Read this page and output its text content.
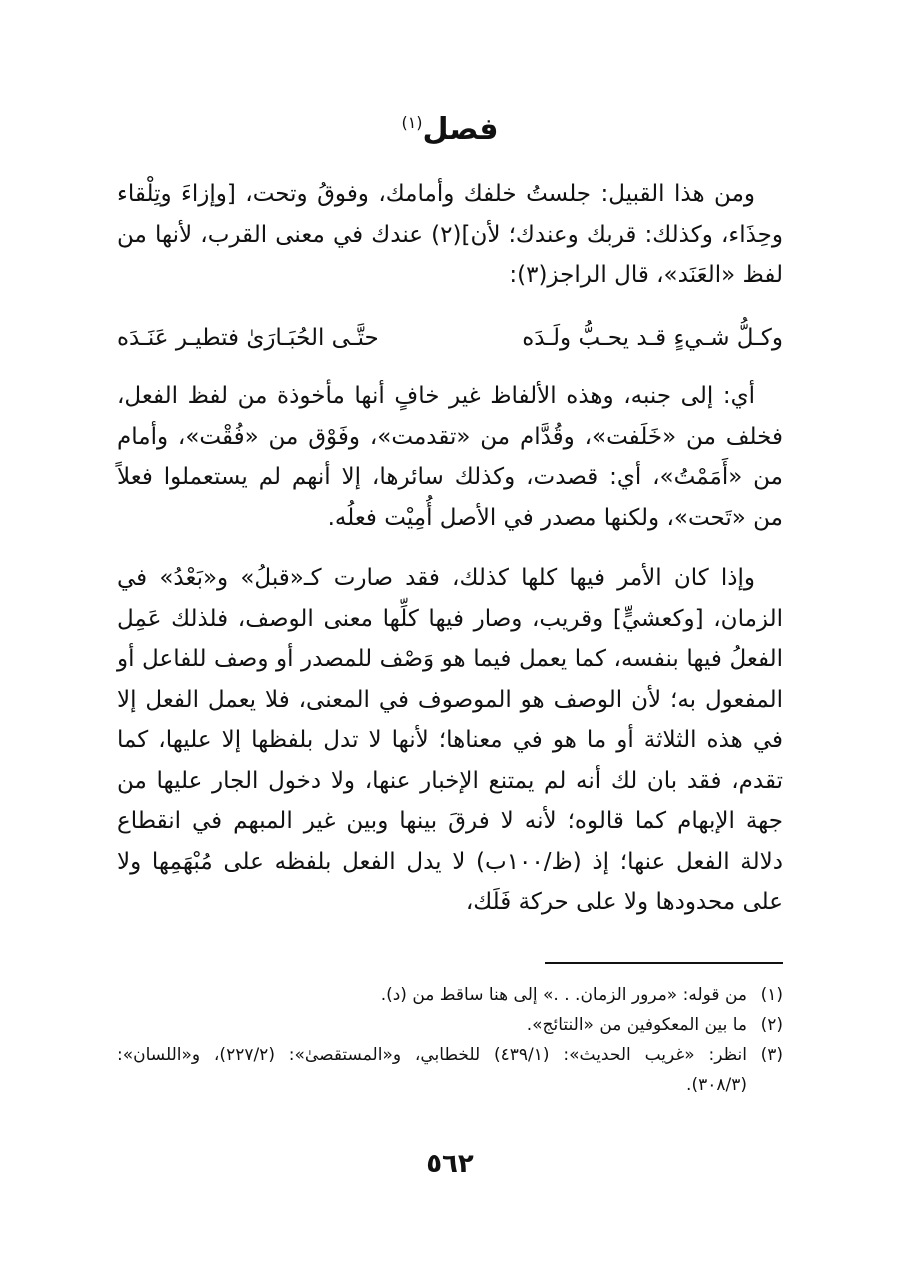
فصل$^{(١)}$

ومن هذا القبيل: جلستُ خلفك وأمامك، وفوقُ وتحت، [وإزاءَ وتِلْقاء وحِذَاء، وكذلك: قربك وعندك؛ لأن](٢) عندك في معنى القرب، لأنها من لفظ «العَنَد»، قال الراجز(٣):

وكـلُّ شـيءٍ قـد يحـبُّ ولَـدَه
حتَّـى الحُبَـارَىٰ فتطيـر عَنَـدَه

أي: إلى جنبه، وهذه الألفاظ غير خافٍ أنها مأخوذة من لفظ الفعل، فخلف من «خَلَفت»، وقُدَّام من «تقدمت»، وفَوْق من «فُقْت»، وأمام من «أَمَمْتُ»، أي: قصدت، وكذلك سائرها، إلا أنهم لم يستعملوا فعلاً من «تَحت»، ولكنها مصدر في الأصل أُمِيْت فعلُه.

وإذا كان الأمر فيها كلها كذلك، فقد صارت كـ«قبلُ» و«بَعْدُ» في الزمان، [وكعشيٍّ] وقريب، وصار فيها كلِّها معنى الوصف، فلذلك عَمِل الفعلُ فيها بنفسه، كما يعمل فيما هو وَصْف للمصدر أو وصف للفاعل أو المفعول به؛ لأن الوصف هو الموصوف في المعنى، فلا يعمل الفعل إلا في هذه الثلاثة أو ما هو في معناها؛ لأنها لا تدل بلفظها إلا عليها، كما تقدم، فقد بان لك أنه لم يمتنع الإخبار عنها، ولا دخول الجار عليها من جهة الإبهام كما قالوه؛ لأنه لا فرقَ بينها وبين غير المبهم في انقطاع دلالة الفعل عنها؛ إذ (ظ/١٠٠ب) لا يدل الفعل بلفظه على مُبْهَمِها ولا على محدودها ولا على حركة فَلَك،

(١)
من قوله: «مرور الزمان. . .» إلى هنا ساقط من (د).
(٢)
ما بين المعكوفين من «النتائج».
(٣)
انظر: «غريب الحديث»: (٤٣٩/١) للخطابي، و«المستقصىٰ»: (٢٢٧/٢)، و«اللسان»: (٣٠٨/٣).
٥٦٢
